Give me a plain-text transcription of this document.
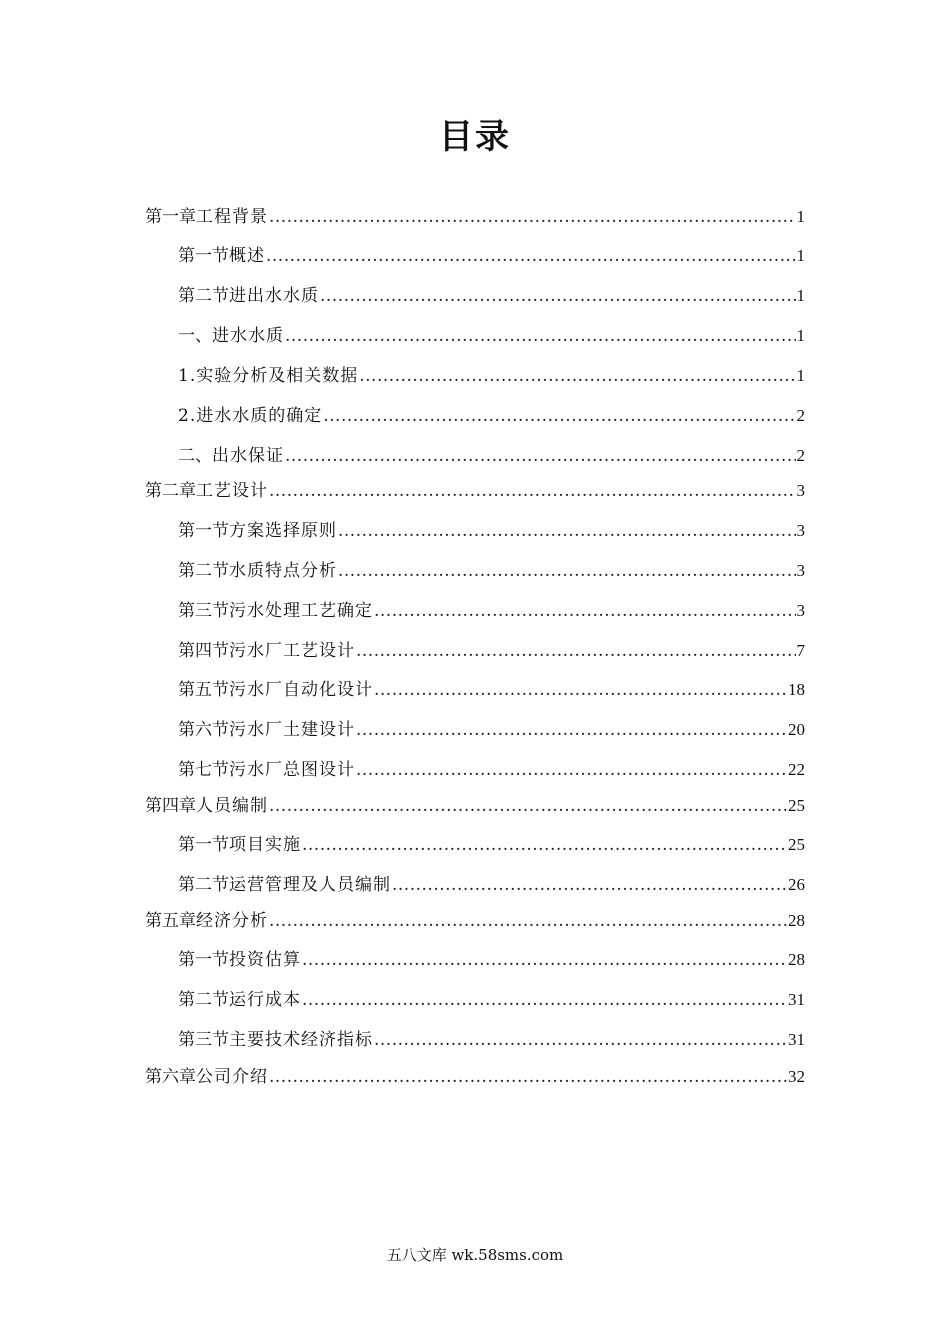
目录
第一章 工程背景 .....	1
第一节 概述 .....	1
第二节 进出水水质 .....	1
一、 进水水质 .....	1
1. 实验分析及相关数据 .....	1
2. 进水水质的确定 .....	2
二、 出水保证 .....	2
第二章 工艺设计 .....	3
第一节 方案选择原则 .....	3
第二节 水质特点分析 .....	3
第三节 污水处理工艺确定 .....	3
第四节 污水厂工艺设计 .....	7
第五节 污水厂自动化设计 .....	18
第六节 污水厂土建设计 .....	20
第七节 污水厂总图设计 .....	22
第四章 人员编制 .....	25
第一节 项目实施 .....	25
第二节 运营管理及人员编制 .....	26
第五章 经济分析 .....	28
第一节 投资估算 .....	28
第二节 运行成本 .....	31
第三节 主要技术经济指标 .....	31
第六章 公司介绍 .....	32
五八文库 wk.58sms.com
